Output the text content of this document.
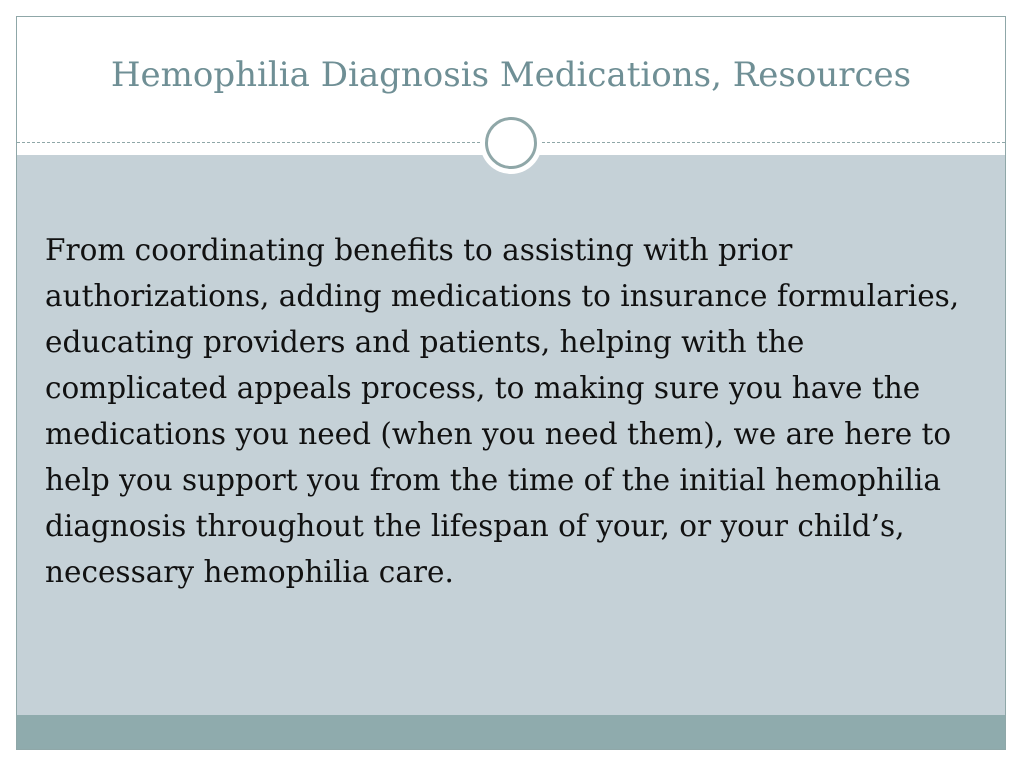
Hemophilia Diagnosis Medications, Resources

From coordinating benefits to assisting with prior authorizations, adding medications to insurance formularies, educating providers and patients, helping with the complicated appeals process, to making sure you have the medications you need (when you need them), we are here to help you support you from the time of the initial hemophilia diagnosis throughout the lifespan of your, or your child’s, necessary hemophilia care.
